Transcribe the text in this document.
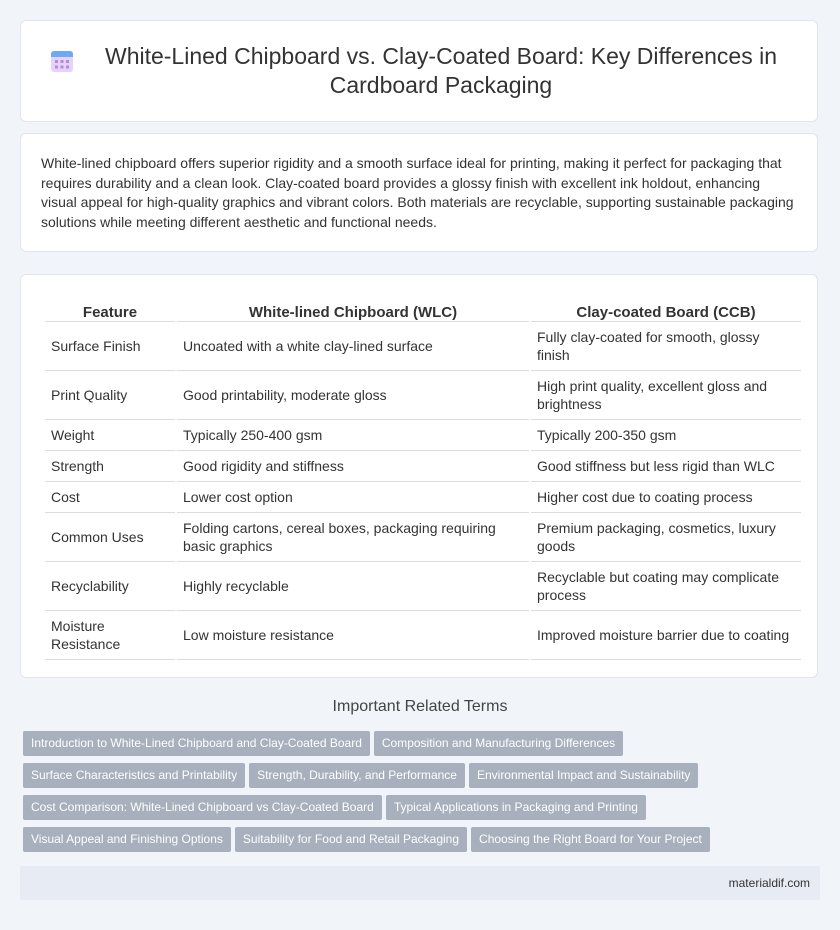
White-Lined Chipboard vs. Clay-Coated Board: Key Differences in Cardboard Packaging

White-lined chipboard offers superior rigidity and a smooth surface ideal for printing, making it perfect for packaging that requires durability and a clean look. Clay-coated board provides a glossy finish with excellent ink holdout, enhancing visual appeal for high-quality graphics and vibrant colors. Both materials are recyclable, supporting sustainable packaging solutions while meeting different aesthetic and functional needs.

Feature	White-lined Chipboard (WLC)	Clay-coated Board (CCB)
Surface Finish	Uncoated with a white clay-lined surface	Fully clay-coated for smooth, glossy finish
Print Quality	Good printability, moderate gloss	High print quality, excellent gloss and brightness
Weight	Typically 250-400 gsm	Typically 200-350 gsm
Strength	Good rigidity and stiffness	Good stiffness but less rigid than WLC
Cost	Lower cost option	Higher cost due to coating process
Common Uses	Folding cartons, cereal boxes, packaging requiring basic graphics	Premium packaging, cosmetics, luxury goods
Recyclability	Highly recyclable	Recyclable but coating may complicate process
Moisture Resistance	Low moisture resistance	Improved moisture barrier due to coating
Important Related Terms
Introduction to White-Lined Chipboard and Clay-Coated Board Composition and Manufacturing Differences
Surface Characteristics and Printability Strength, Durability, and Performance Environmental Impact and Sustainability
Cost Comparison: White-Lined Chipboard vs Clay-Coated Board Typical Applications in Packaging and Printing
Visual Appeal and Finishing Options Suitability for Food and Retail Packaging Choosing the Right Board for Your Project
materialdif.com
